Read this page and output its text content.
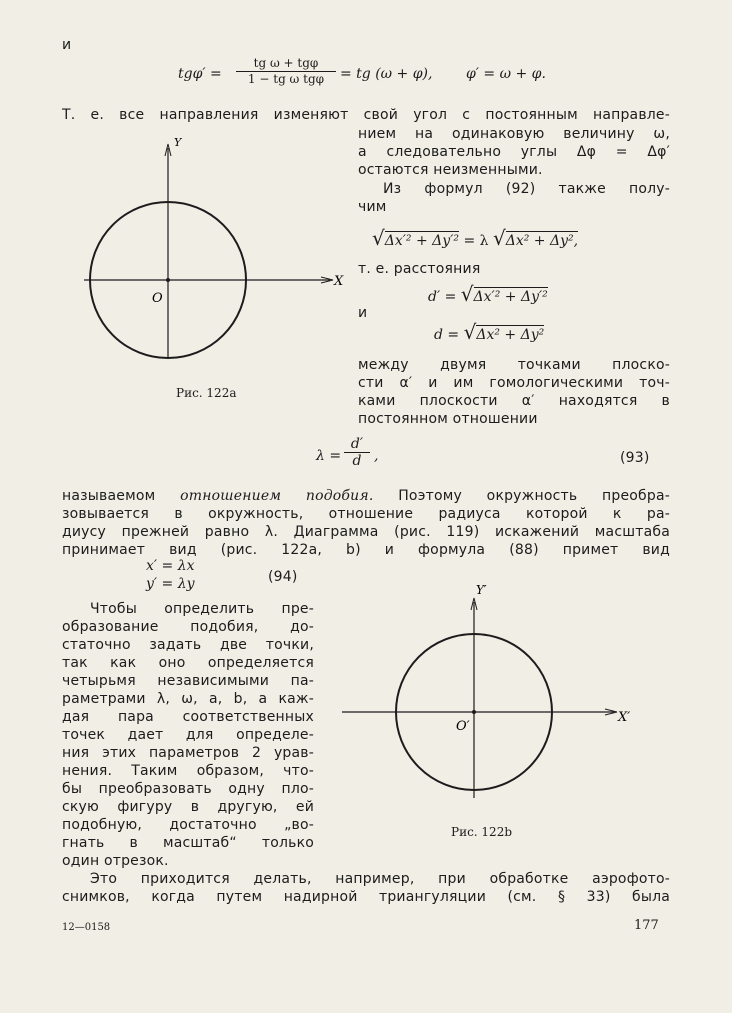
и
tgφ′ =
tg ω + tgφ
1 − tg ω tgφ	= tg (ω + φ), φ′ = ω + φ.
Т. е. все направления изменяют свой угол с постоянным направле-
нием на одинаковую величину ω,
а следовательно углы Δφ = Δφ′
остаются неизменными.
Из формул (92) также полу-
чим
O
Y
X
Рис. 122а
√Δx′² + Δy′² = λ √Δx² + Δy²,
т. е. расстояния
d′ = √Δx′² + Δy′²
и
d = √Δx² + Δy²
между двумя точками плоско-
сти α′ и им гомологическими точ-
ками плоскости α′ находятся в
постоянном отношении
$\lambda = \frac{d'}{d}$ ,	(93)
называемом отношением подобия. Поэтому окружность преобра-
зовывается в окружность, отношение радиуса которой к ра-
диусу прежней равно λ. Диаграмма (рис. 119) искажений масштаба
принимает вид (рис. 122а, b) и формула (88) примет вид
x′ = λx
y′ = λy	(94)
Чтобы определить пре-
образование подобия, до-
статочно задать две точки,
так как оно определяется
четырьмя независимыми па-
раметрами λ, ω, a, b, а каж-
дая пара соответственных
точек дает для определе-
ния этих параметров 2 урав-
нения. Таким образом, что-
бы преобразовать одну пло-
скую фигуру в другую, ей
подобную, достаточно „во-
гнать в масштаб“ только
один отрезок.
O′
Y′
X′
Рис. 122b
Это приходится делать, например, при обработке аэрофото-
снимков, когда путем надирной триангуляции (см. § 33) была
12—0158	177
